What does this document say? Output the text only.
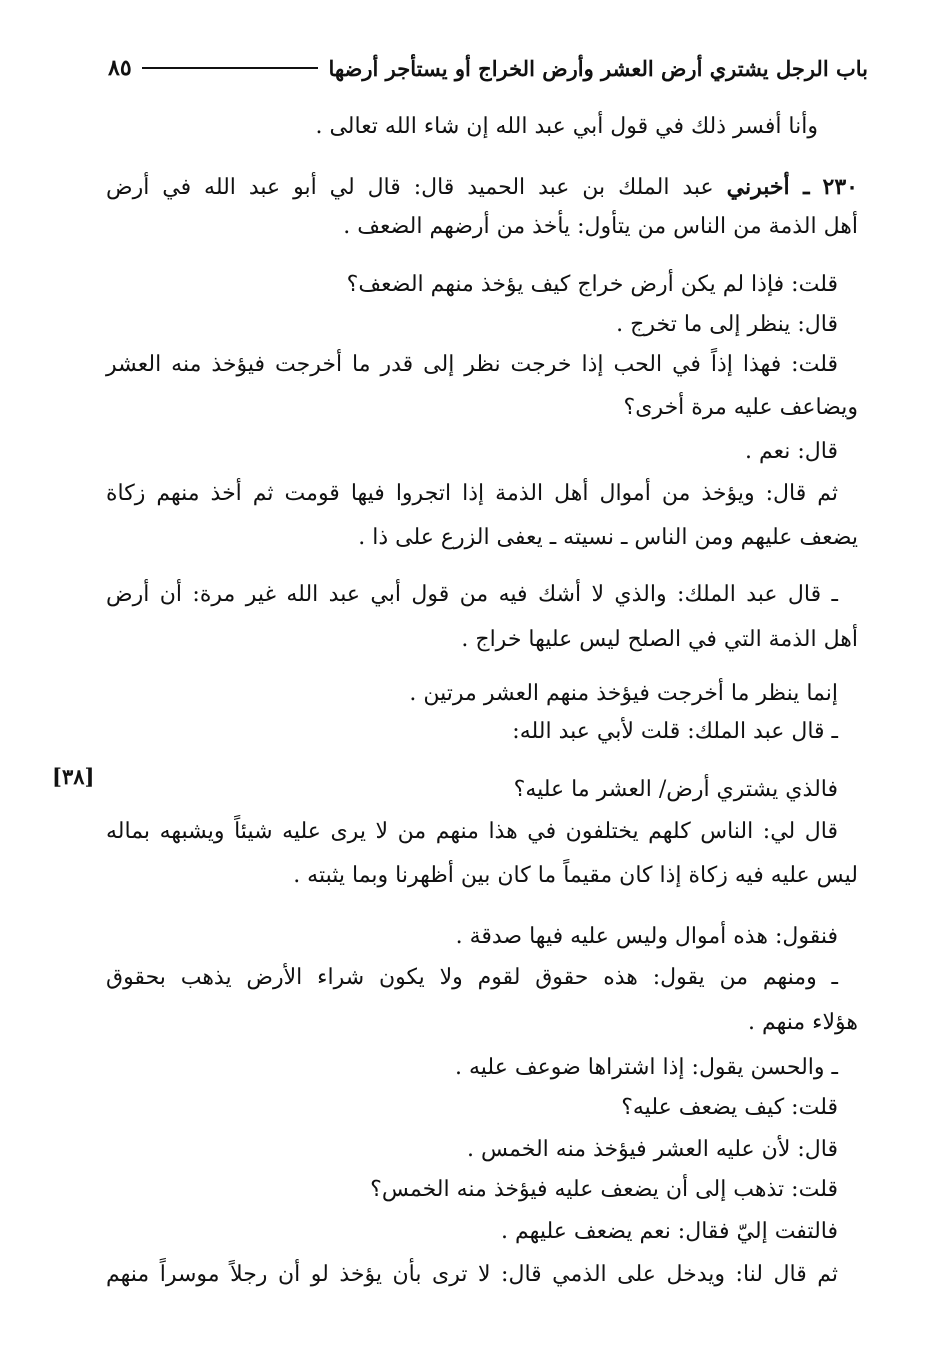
باب الرجل يشتري أرض العشر وأرض الخراج أو يستأجر أرضها
٨٥
وأنا أفسر ذلك في قول أبي عبد الله إن شاء الله تعالى .
٢٣٠ ـ أخبرني عبد الملك بن عبد الحميد قال: قال لي أبو عبد الله في أرض
أهل الذمة من الناس من يتأول: يأخذ من أرضهم الضعف .
قلت: فإذا لم يكن أرض خراج كيف يؤخذ منهم الضعف؟
قال: ينظر إلى ما تخرج .
قلت: فهذا إذاً في الحب إذا خرجت نظر إلى قدر ما أخرجت فيؤخذ منه العشر
ويضاعف عليه مرة أخرى؟
قال: نعم .
ثم قال: ويؤخذ من أموال أهل الذمة إذا اتجروا فيها قومت ثم أخذ منهم زكاة
يضعف عليهم ومن الناس ـ نسيته ـ يعفى الزرع على ذا .
ـ قال عبد الملك: والذي لا أشك فيه من قول أبي عبد الله غير مرة: أن أرض
أهل الذمة التي في الصلح ليس عليها خراج .
إنما ينظر ما أخرجت فيؤخذ منهم العشر مرتين .
ـ قال عبد الملك: قلت لأبي عبد الله:
[٣٨]
فالذي يشتري أرض/ العشر ما عليه؟
قال لي: الناس كلهم يختلفون في هذا منهم من لا يرى عليه شيئاً ويشبهه بماله
ليس عليه فيه زكاة إذا كان مقيماً ما كان بين أظهرنا وبما يثبته .
فنقول: هذه أموال وليس عليه فيها صدقة .
ـ ومنهم من يقول: هذه حقوق لقوم ولا يكون شراء الأرض يذهب بحقوق
هؤلاء منهم .
ـ والحسن يقول: إذا اشتراها ضوعف عليه .
قلت: كيف يضعف عليه؟
قال: لأن عليه العشر فيؤخذ منه الخمس .
قلت: تذهب إلى أن يضعف عليه فيؤخذ منه الخمس؟
فالتفت إليّ فقال: نعم يضعف عليهم .
ثم قال لنا: ويدخل على الذمي قال: لا ترى بأن يؤخذ لو أن رجلاً موسراً منهم
